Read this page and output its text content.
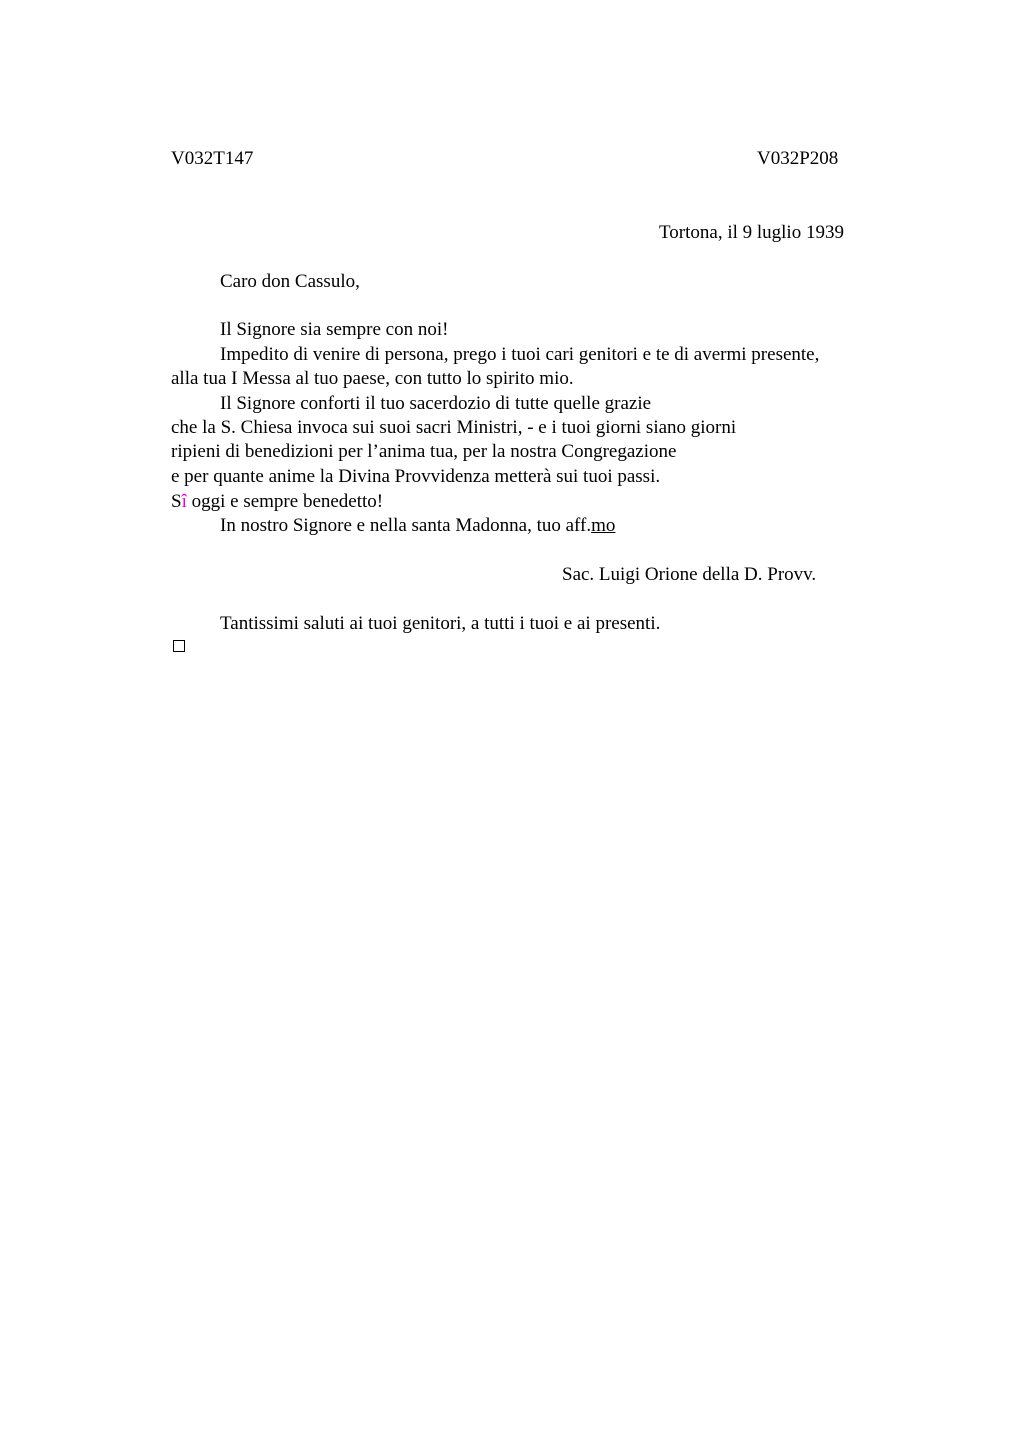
V032T147	V032P208
Tortona, il 9 luglio 1939
Caro don Cassulo,
Il Signore sia sempre con noi!
Impedito di venire di persona, prego i tuoi cari genitori e te di avermi presente,
alla tua I Messa al tuo paese, con tutto lo spirito mio.
Il Signore conforti il tuo sacerdozio di tutte quelle grazie
che la S. Chiesa invoca sui suoi sacri Ministri, - e i tuoi giorni siano giorni
ripieni di benedizioni per l’anima tua, per la nostra Congregazione
e per quante anime la Divina Provvidenza metterà sui tuoi passi.
Sî oggi e sempre benedetto!
In nostro Signore e nella santa Madonna, tuo aff.mo
Sac. Luigi Orione della D. Provv.
Tantissimi saluti ai tuoi genitori, a tutti i tuoi e ai presenti.
